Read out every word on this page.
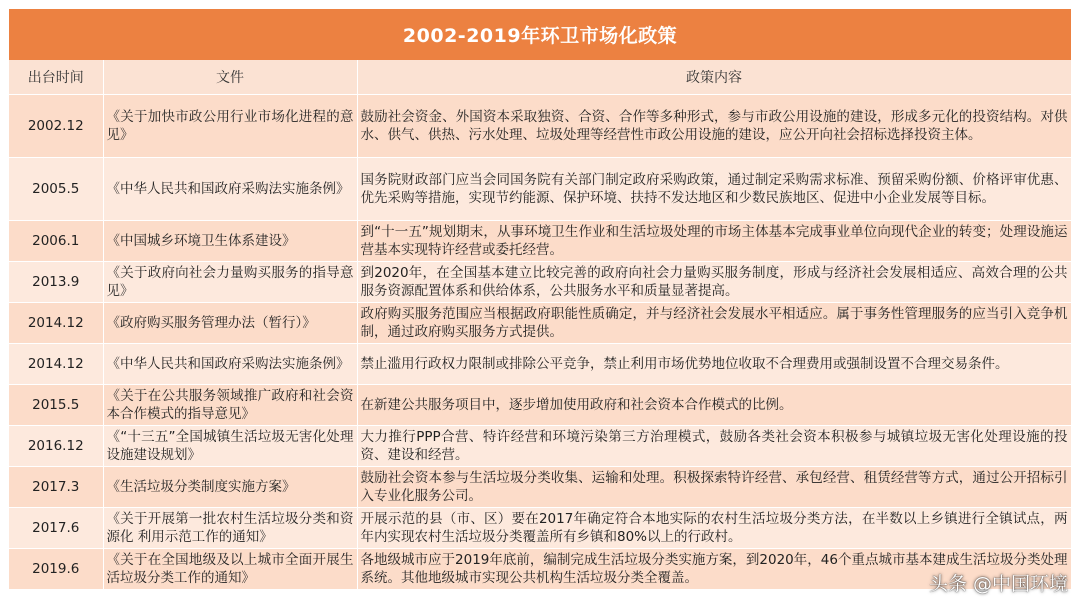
2002-2019年环卫市场化政策
出台时间	文件	政策内容
2002.12	《关于加快市政公用行业市场化进程的意见》	鼓励社会资金、外国资本采取独资、合资、合作等多种形式，参与市政公用设施的建设，形成多元化的投资结构。对供水、供气、供热、污水处理、垃圾处理等经营性市政公用设施的建设，应公开向社会招标选择投资主体。
2005.5	《中华人民共和国政府采购法实施条例》	国务院财政部门应当会同国务院有关部门制定政府采购政策，通过制定采购需求标准、预留采购份额、价格评审优惠、优先采购等措施，实现节约能源、保护环境、扶持不发达地区和少数民族地区、促进中小企业发展等目标。
2006.1	《中国城乡环境卫生体系建设》	到“十一五”规划期末，从事环境卫生作业和生活垃圾处理的市场主体基本完成事业单位向现代企业的转变；处理设施运营基本实现特许经营或委托经营。
2013.9	《关于政府向社会力量购买服务的指导意见》	到2020年，在全国基本建立比较完善的政府向社会力量购买服务制度，形成与经济社会发展相适应、高效合理的公共服务资源配置体系和供给体系，公共服务水平和质量显著提高。
2014.12	《政府购买服务管理办法（暂行）》	政府购买服务范围应当根据政府职能性质确定，并与经济社会发展水平相适应。属于事务性管理服务的应当引入竞争机制，通过政府购买服务方式提供。
2014.12	《中华人民共和国政府采购法实施条例》	禁止滥用行政权力限制或排除公平竞争，禁止利用市场优势地位收取不合理费用或强制设置不合理交易条件。
2015.5	《关于在公共服务领域推广政府和社会资本合作模式的指导意见》	在新建公共服务项目中，逐步增加使用政府和社会资本合作模式的比例。
2016.12	《“十三五”全国城镇生活垃圾无害化处理设施建设规划》	大力推行PPP合营、特许经营和环境污染第三方治理模式，鼓励各类社会资本积极参与城镇垃圾无害化处理设施的投资、建设和经营。
2017.3	《生活垃圾分类制度实施方案》	鼓励社会资本参与生活垃圾分类收集、运输和处理。积极探索特许经营、承包经营、租赁经营等方式，通过公开招标引入专业化服务公司。
2017.6	《关于开展第一批农村生活垃圾分类和资源化 利用示范工作的通知》	开展示范的县（市、区）要在2017年确定符合本地实际的农村生活垃圾分类方法，在半数以上乡镇进行全镇试点，两年内实现农村生活垃圾分类覆盖所有乡镇和80%以上的行政村。
2019.6	《关于在全国地级及以上城市全面开展生活垃圾分类工作的通知》	各地级城市应于2019年底前，编制完成生活垃圾分类实施方案，到2020年，46个重点城市基本建成生活垃圾分类处理系统。其他地级城市实现公共机构生活垃圾分类全覆盖。	头条 @中国环境
